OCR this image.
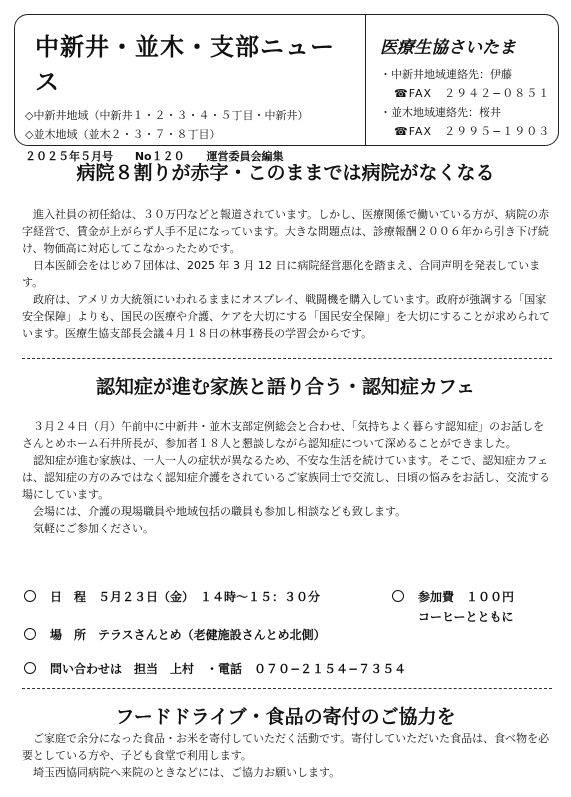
中新井・並木・支部ニュース
◇中新井地域（中新井１・２・３・４・５丁目・中新井）
◇並木地域（並木２・３・７・８丁目）
２０２５年５月号 No１２０ 運営委員会編集
医療生協さいたま
・中新井地域連絡先：伊藤
☎FAX　２９４２−０８５１
・並木地域連絡先：桜井
☎FAX　２９９５−１９０３
病院８割りが赤字・このままでは病院がなくなる

　進入社員の初任給は、３０万円などと報道されています。しかし、医療関係で働いている方が、病院の赤字経営で、賃金が上がらず人手不足になっています。大きな問題点は、診療報酬２００６年から引き下げ続け、物価高に対応してこなかったためです。

　日本医師会をはじめ７団体は、2025 年 3 月 12 日に病院経営悪化を踏まえ、合同声明を発表しています。

　政府は、アメリカ大統領にいわれるままにオスプレイ、戦闘機を購入しています。政府が強調する「国家安全保障」よりも、国民の医療や介護、ケアを大切にする「国民安全保障」を大切にすることが求められています。医療生協支部長会議４月１８日の林事務長の学習会からです。

認知症が進む家族と語り合う・認知症カフェ

　３月２４日（月）午前中に中新井・並木支部定例総会と合わせ、「気持ちよく暮らす認知症」のお話しをさんとめホーム石井所長が、参加者１８人と懇談しながら認知症について深めることができました。

　認知症が進む家族は、一人一人の症状が異なるため、不安な生活を続けています。そこで、認知症カフェは、認知症の方のみではなく認知症介護をされているご家族同士で交流し、日頃の悩みをお話し、交流する場にしています。

　会場には、介護の現場職員や地域包括の職員も参加し相談なども致します。

　気軽にご参加ください。

日　程　５月２３日（金）　１４時〜１５：３０分	参加費　１００円
コーヒーとともに
場　所　テラスさんとめ（老健施設さんとめ北側）
問い合わせは　担当　上村　・電話　０７０−２１５４−７３５４
フードドライブ・食品の寄付のご協力を

　ご家庭で余分になった食品・お米を寄付していただく活動です。寄付していただいた食品は、食べ物を必要としている方や、子ども食堂で利用します。

　埼玉西協同病院へ来院のときなどには、ご協力お願いします。
